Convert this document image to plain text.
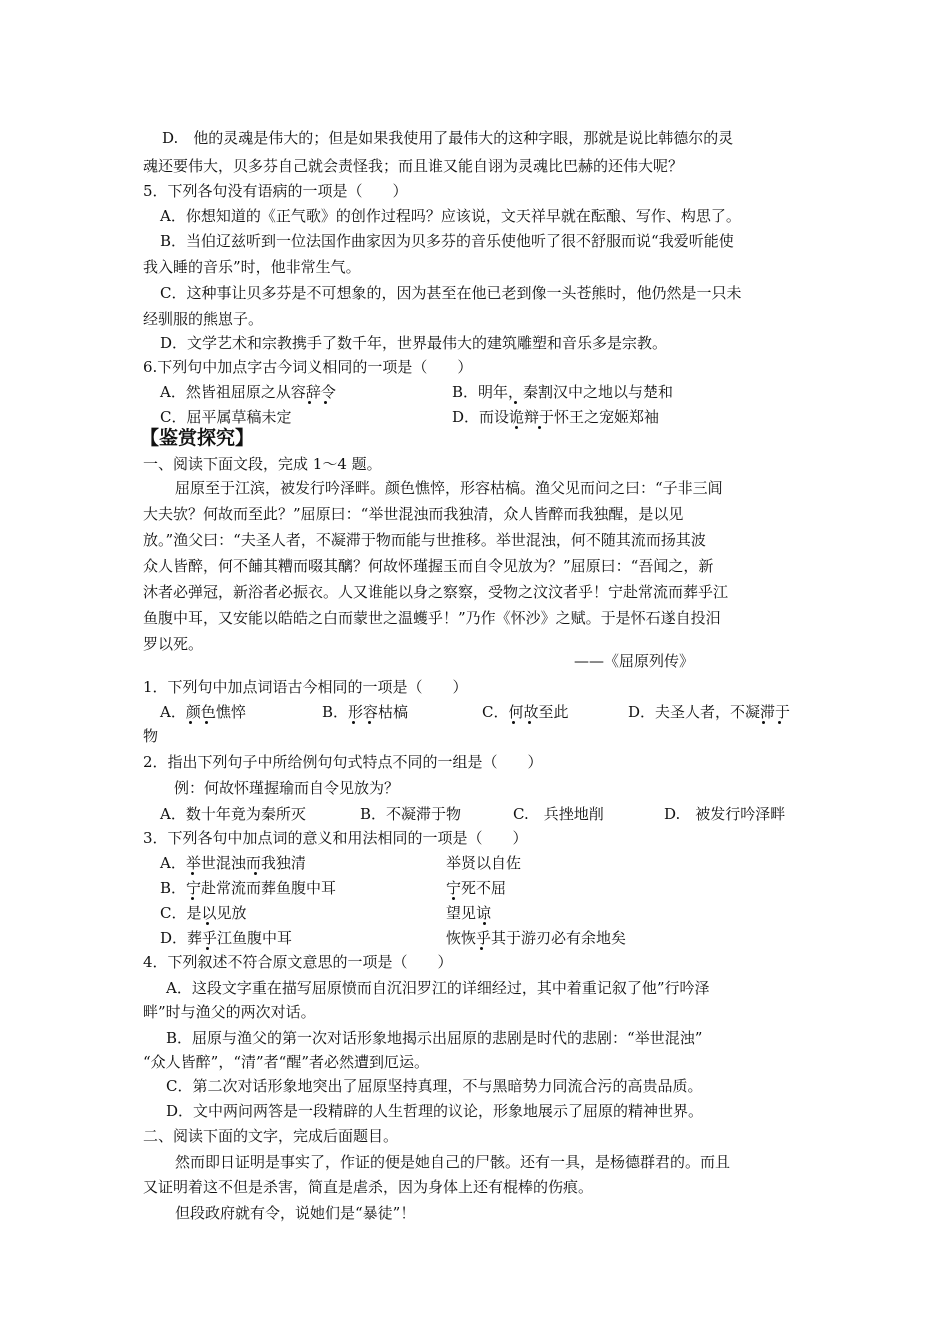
D.　他的灵魂是伟大的；但是如果我使用了最伟大的这种字眼，那就是说比韩德尔的灵
魂还要伟大，贝多芬自己就会责怪我；而且谁又能自诩为灵魂比巴赫的还伟大呢？
5．下列各句没有语病的一项是（　　）
A．你想知道的《正气歌》的创作过程吗？应该说，文天祥早就在酝酿、写作、构思了。
B．当伯辽兹听到一位法国作曲家因为贝多芬的音乐使他听了很不舒服而说“我爱听能使
我入睡的音乐”时，他非常生气。
C．这种事让贝多芬是不可想象的，因为甚至在他已老到像一头苍熊时，他仍然是一只未
经驯服的熊崽子。
D．文学艺术和宗教携手了数千年，世界最伟大的建筑雕塑和音乐多是宗教。
6.下列句中加点字古今词义相同的一项是（　　）
A．然皆祖屈原之从容辞令	B．明年，秦割汉中之地以与楚和
C．屈平属草稿未定	D．而设诡辩于怀王之宠姬郑袖
【鉴赏探究】
一、阅读下面文段，完成 1～4 题。
屈原至于江滨，被发行吟泽畔。颜色憔悴，形容枯槁。渔父见而问之曰：“子非三闾
大夫欤？何故而至此？”屈原曰：“举世混浊而我独清，众人皆醉而我独醒，是以见
放。”渔父曰：“夫圣人者，不凝滞于物而能与世推移。举世混浊，何不随其流而扬其波
众人皆醉，何不餔其糟而啜其醨？何故怀瑾握玉而自令见放为？”屈原曰：“吾闻之，新
沐者必弹冠，新浴者必振衣。人又谁能以身之察察，受物之汶汶者乎！宁赴常流而葬乎江
鱼腹中耳，又安能以皓皓之白而蒙世之温蠖乎！”乃作《怀沙》之赋。于是怀石遂自投汨
罗以死。
——《屈原列传》
1．下列句中加点词语古今相同的一项是（　　）
A．颜色憔悴	B．形容枯槁	C．何故至此	D．夫圣人者，不凝滞于
物
2．指出下列句子中所给例句句式特点不同的一组是（　　）
例：何故怀瑾握瑜而自令见放为？
A．数十年竟为秦所灭	B．不凝滞于物	C.　兵挫地削	D.　被发行吟泽畔
3．下列各句中加点词的意义和用法相同的一项是（　　）
A．举世混浊而我独清	举贤以自佐
B．宁赴常流而葬鱼腹中耳	宁死不屈
C．是以见放	望见谅
D．葬乎江鱼腹中耳	恢恢乎其于游刃必有余地矣
4．下列叙述不符合原文意思的一项是（　　）
A．这段文字重在描写屈原愤而自沉汨罗江的详细经过，其中着重记叙了他”行吟泽
畔”时与渔父的两次对话。
B．屈原与渔父的第一次对话形象地揭示出屈原的悲剧是时代的悲剧：“举世混浊”
“众人皆醉”，“清”者“醒”者必然遭到厄运。
C．第二次对话形象地突出了屈原坚持真理，不与黑暗势力同流合污的高贵品质。
D．文中两问两答是一段精辟的人生哲理的议论，形象地展示了屈原的精神世界。
二、阅读下面的文字，完成后面题目。
然而即日证明是事实了，作证的便是她自己的尸骸。还有一具，是杨德群君的。而且
又证明着这不但是杀害，简直是虐杀，因为身体上还有棍棒的伤痕。
但段政府就有令，说她们是“暴徒”！
